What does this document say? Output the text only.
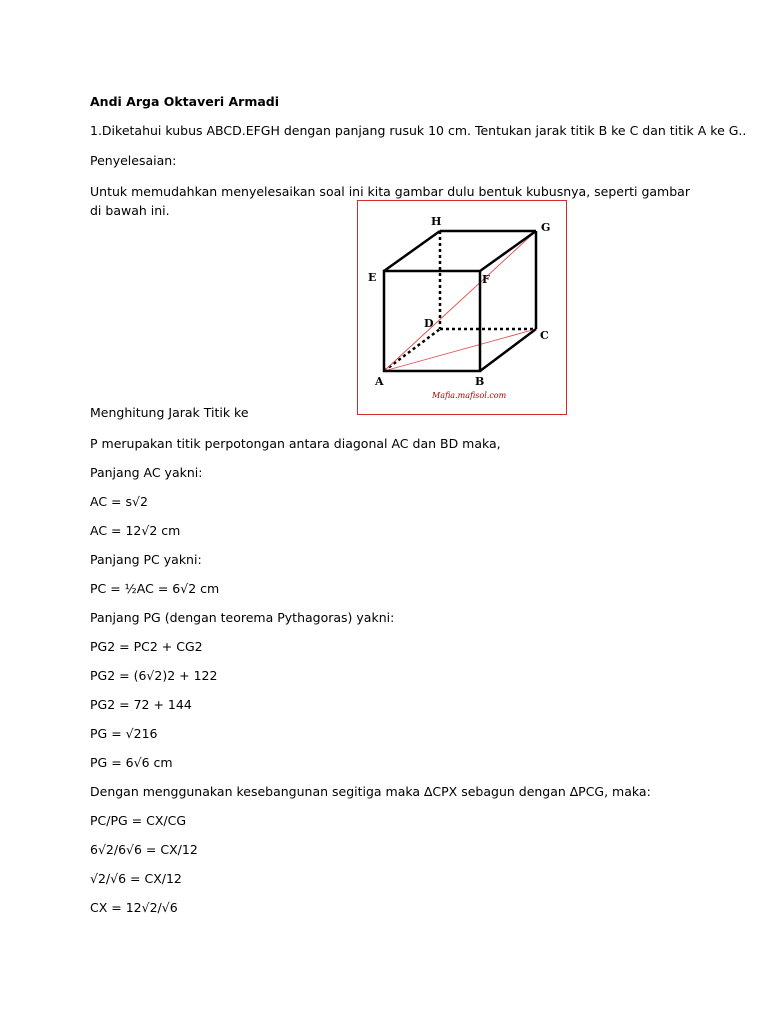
Andi Arga Oktaveri Armadi

1.Diketahui kubus ABCD.EFGH dengan panjang rusuk 10 cm. Tentukan jarak titik B ke C dan titik A ke G..

Penyelesaian:

Untuk memudahkan menyelesaikan soal ini kita gambar dulu bentuk kubusnya, seperti gambar di bawah ini.

H	G
E	F
D
C
A	B
Mafia.mafisol.com

Menghitung Jarak Titik ke

P merupakan titik perpotongan antara diagonal AC dan BD maka,

Panjang AC yakni:

AC = s√2

AC = 12√2 cm

Panjang PC yakni:

PC = ½AC = 6√2 cm

Panjang PG (dengan teorema Pythagoras) yakni:

PG2 = PC2 + CG2

PG2 = (6√2)2 + 122

PG2 = 72 + 144

PG = √216

PG = 6√6 cm

Dengan menggunakan kesebangunan segitiga maka ∆CPX sebagun dengan ∆PCG, maka:

PC/PG = CX/CG

6√2/6√6 = CX/12

√2/√6 = CX/12

CX = 12√2/√6
